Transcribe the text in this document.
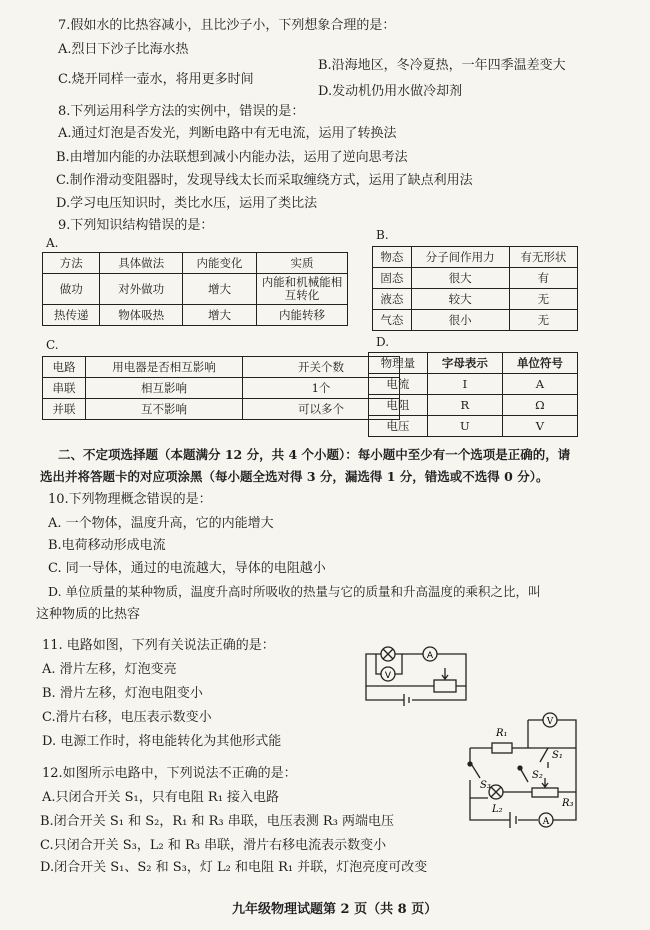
7.假如水的比热容减小，且比沙子小，下列想象合理的是：
A.烈日下沙子比海水热
B.沿海地区，冬冷夏热，一年四季温差变大
C.烧开同样一壶水，将用更多时间
D.发动机仍用水做冷却剂
8.下列运用科学方法的实例中，错误的是：
A.通过灯泡是否发光，判断电路中有无电流，运用了转换法
B.由增加内能的办法联想到减小内能办法，运用了逆向思考法
C.制作滑动变阻器时，发现导线太长而采取缠绕方式，运用了缺点利用法
D.学习电压知识时，类比水压，运用了类比法
9.下列知识结构错误的是：
A.
B.
C.	D.
方法	具体做法	内能变化	实质
做功	对外做功	增大	内能和机械能相互转化
热传递	物体吸热	增大	内能转移
物态	分子间作用力	有无形状
固态	很大	有
液态	较大	无
气态	很小	无
电路	用电器是否相互影响	开关个数
串联	相互影响	1个
并联	互不影响	可以多个
物理量	字母表示	单位符号
电流	I	A
电阻	R	Ω
电压	U	V
二、不定项选择题（本题满分 12 分，共 4 个小题）：每小题中至少有一个选项是正确的，请
选出并将答题卡的对应项涂黑（每小题全选对得 3 分，漏选得 1 分，错选或不选得 0 分）。
10.下列物理概念错误的是：
A. 一个物体，温度升高，它的内能增大
B.电荷移动形成电流
C. 同一导体，通过的电流越大，导体的电阻越小
D. 单位质量的某种物质，温度升高时所吸收的热量与它的质量和升高温度的乘积之比，叫
这种物质的比热容
11. 电路如图，下列有关说法正确的是：
A. 滑片左移，灯泡变亮
B. 滑片左移，灯泡电阻变小
C.滑片右移，电压表示数变小
D. 电源工作时，将电能转化为其他形式能
A
V
12.如图所示电路中，下列说法不正确的是：
A.只闭合开关 S₁，只有电阻 R₁ 接入电路
B.闭合开关 S₁ 和 S₂，R₁ 和 R₃ 串联，电压表测 R₃ 两端电压
C.只闭合开关 S₃，L₂ 和 R₃ 串联，滑片右移电流表示数变小
D.闭合开关 S₁、S₂ 和 S₃，灯 L₂ 和电阻 R₁ 并联，灯泡亮度可改变
R₁
V
S₁
S₂
S₃
L₂
R₃
A
九年级物理试题第 2 页（共 8 页）
